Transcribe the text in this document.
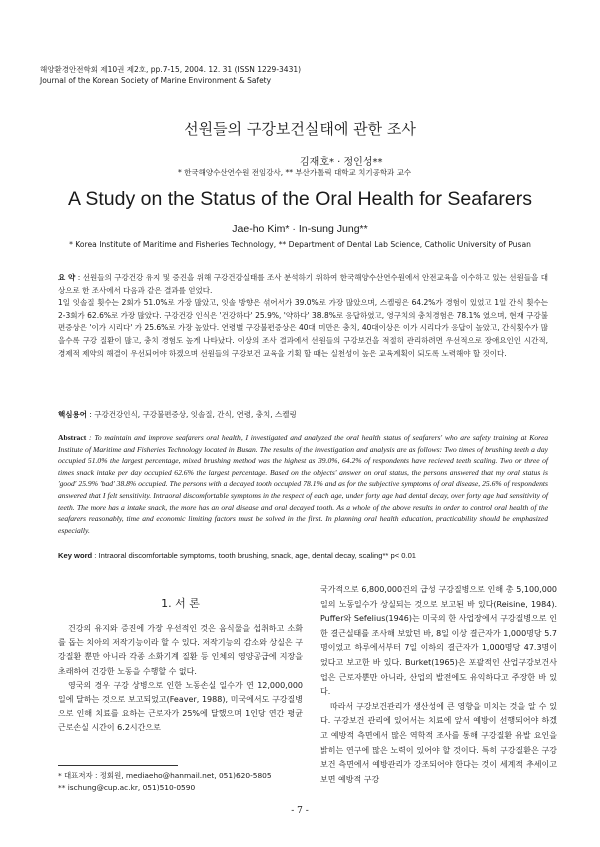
해양환경안전학회 제10권 제2호, pp.7-15, 2004. 12. 31 (ISSN 1229-3431)
Journal of the Korean Society of Marine Environment & Safety
선원들의 구강보건실태에 관한 조사
김재호* · 정인성**
* 한국해양수산연수원 전임강사, ** 부산가톨릭 대학교 치기공학과 교수
A Study on the Status of the Oral Health for Seafarers
Jae-ho Kim* · In-sung Jung**
* Korea Institute of Maritime and Fisheries Technology, ** Department of Dental Lab Science, Catholic University of Pusan

요 약 : 선원들의 구강건강 유지 및 증진을 위해 구강건강실태를 조사 분석하기 위하여 한국해양수산연수원에서 안전교육을 이수하고 있는 선원들을 대상으로 한 조사에서 다음과 같은 결과를 얻었다.

1일 잇솔질 횟수는 2회가 51.0%로 가장 많았고, 잇솔 방향은 섞어서가 39.0%로 가장 많았으며, 스켈링은 64.2%가 경험이 있었고 1일 간식 횟수는 2-3회가 62.6%로 가장 많았다. 구강건강 인식은 '건강하다' 25.9%, '약하다' 38.8%로 응답하였고, 영구치의 충치경험은 78.1% 였으며, 현재 구강불편증상은 '이가 시리다' 가 25.6%로 가장 높았다. 연령별 구강불편증상은 40대 미만은 충치, 40대이상은 이가 시리다가 응답이 높았고, 간식횟수가 많을수록 구강 질환이 많고, 충치 경험도 높게 나타났다. 이상의 조사 결과에서 선원들의 구강보건을 적절히 관리하려면 우선적으로 장애요인인 시간적, 경제적 제약의 해결이 우선되어야 하겠으며 선원들의 구강보건 교육을 기획 할 때는 실천성이 높은 교육계획이 되도록 노력해야 할 것이다.

핵심용어 : 구강건강인식, 구강불편증상, 잇솔질, 간식, 연령, 충치, 스켈링

Abstract : To maintain and improve seafarers oral health, I investigated and analyzed the oral health status of seafarers' who are safety training at Korea Institute of Maritime and Fisheries Technology located in Busan. The results of the investigation and analysis are as follows: Two times of brushing teeth a day occupied 51.0% the largest percentage, mixed brushing method was the highest as 39.0%, 64.2% of respondents have recieved teeth scaling. Two or three of times snack intake per day occupied 62.6% the largest percentage. Based on the objects' answer on oral status, the persons answered that my oral status is 'good' 25.9% 'bad' 38.8% occupied. The persons with a decayed tooth occupied 78.1% and as for the subjective symptoms of oral disease, 25.6% of respondents answered that I felt sensitivity. Intraoral discomfortable symptoms in the respect of each age, under forty age had dental decay, over forty age had sensitivity of teeth. The more has a intake snack, the more has an oral disease and oral decayed tooth. As a whole of the above results in order to control oral health of the seafarers reasonably, time and economic limiting factors must be solved in the first. In planning oral health education, practicability should be emphasized especially.

Key word : Intraoral discomfortable symptoms, tooth brushing, snack, age, dental decay, scaling** p< 0.01
1. 서 론

건강의 유지와 증진에 가장 우선적인 것은 음식물을 섭취하고 소화를 돕는 치아의 저작기능이라 할 수 있다. 저작기능의 감소와 상실은 구강질환 뿐만 아니라 각종 소화기계 질환 등 인체의 영양공급에 지장을 초래하여 건강한 노동을 수행할 수 없다.

영국의 경우 구강 상병으로 인한 노동손실 일수가 연 12,000,000일에 달하는 것으로 보고되었고(Feaver, 1988), 미국에서도 구강질병으로 인해 치료를 요하는 근로자가 25%에 달했으며 1인당 연간 평균 근로손실 시간이 6.2시간으로

국가적으로 6,800,000건의 급성 구강질병으로 인해 총 5,100,000일의 노동일수가 상실되는 것으로 보고된 바 있다(Reisine, 1984). Puffer와 Sefelius(1946)는 미국의 한 사업장에서 구강질병으로 인한 결근실태를 조사해 보았던 바, 8일 이상 결근자가 1,000명당 5.7명이었고 하루에서부터 7일 이하의 결근자가 1,000명당 47.3명이었다고 보고한 바 있다. Burket(1965)은 포괄적인 산업구강보건사업은 근로자뿐만 아니라, 산업의 발전에도 유익하다고 주장한 바 있다.

따라서 구강보건관리가 생산성에 큰 영향을 미치는 것을 알 수 있다. 구강보건 관리에 있어서는 치료에 앞서 예방이 선행되어야 하겠고 예방적 측면에서 많은 역학적 조사를 통해 구강질환 유발 요인을 밝히는 연구에 많은 노력이 있어야 할 것이다. 특히 구강질환은 구강 보건 측면에서 예방관리가 강조되어야 한다는 것이 세계적 추세이고 보면 예방적 구강

* 대표저자 : 정회원, mediaeho@hanmail.net, 051)620-5805
** ischung@cup.ac.kr, 051)510-0590
- 7 -
